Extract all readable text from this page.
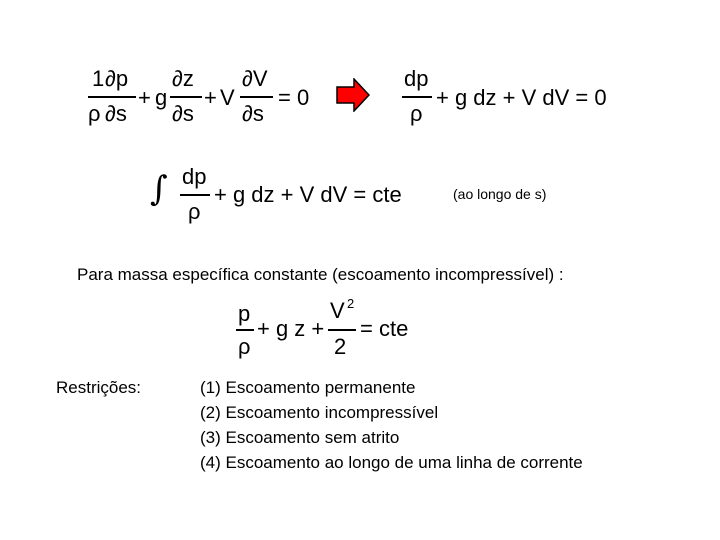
1 ∂p
ρ ∂s
+ g
∂z
∂s
+ V
∂V
∂s
= 0
dp
ρ
+ g dz + V dV = 0
∫ dp
ρ
+ g dz + V dV = cte	(ao longo de s)
Para massa específica constante (escoamento incompressível) :
p
ρ
+ g z +
V 2
2
= cte
Restrições:	(1) Escoamento permanente
(2) Escoamento incompressível
(3) Escoamento sem atrito
(4) Escoamento ao longo de uma linha de corrente
